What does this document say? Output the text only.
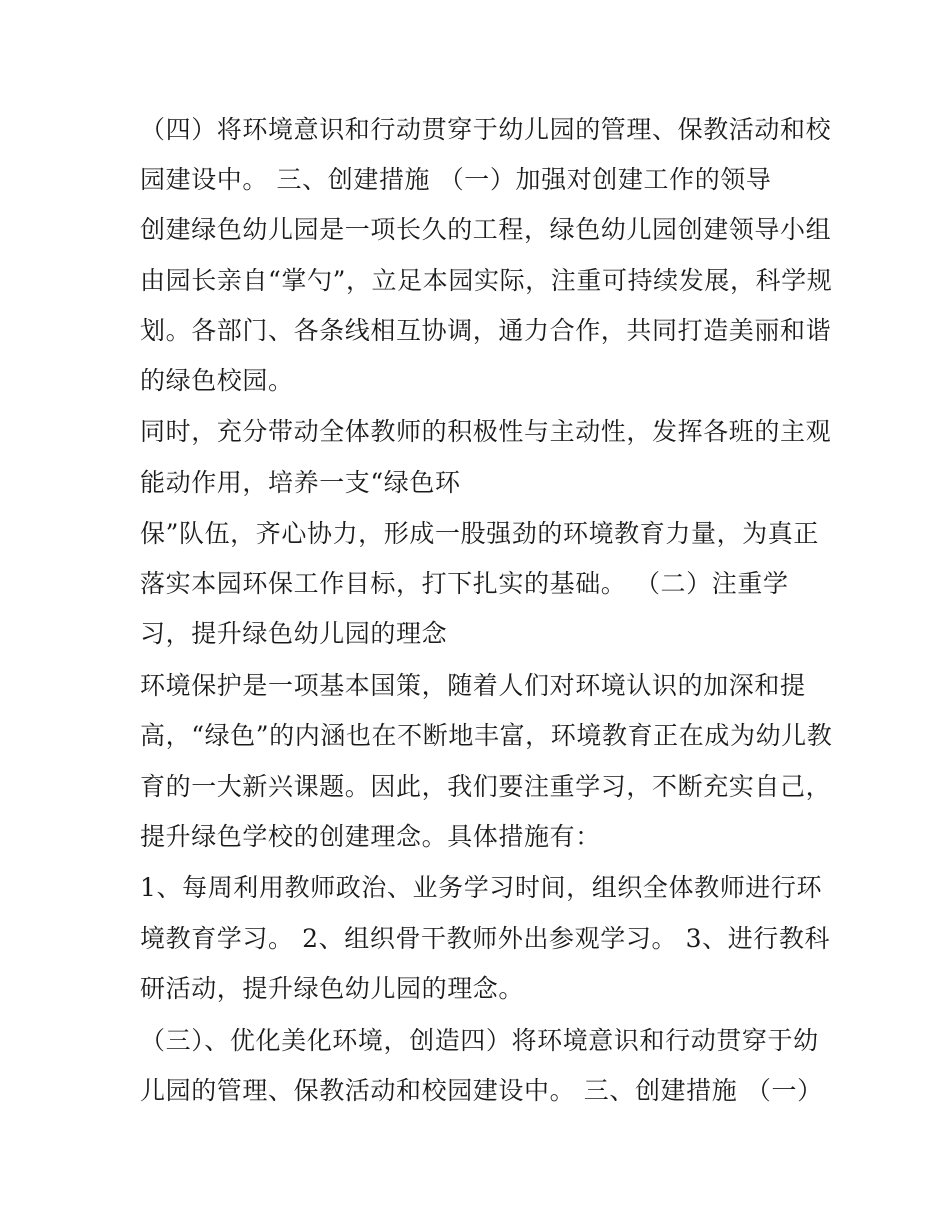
（四）将环境意识和行动贯穿于幼儿园的管理、保教活动和校
园建设中。 三、创建措施 （一）加强对创建工作的领导
创建绿色幼儿园是一项长久的工程，绿色幼儿园创建领导小组
由园长亲自“掌勺”，立足本园实际，注重可持续发展，科学规
划。各部门、各条线相互协调，通力合作，共同打造美丽和谐
的绿色校园。
同时，充分带动全体教师的积极性与主动性，发挥各班的主观
能动作用，培养一支“绿色环
保”队伍，齐心协力，形成一股强劲的环境教育力量，为真正
落实本园环保工作目标，打下扎实的基础。 （二）注重学
习，提升绿色幼儿园的理念
环境保护是一项基本国策，随着人们对环境认识的加深和提
高，“绿色”的内涵也在不断地丰富，环境教育正在成为幼儿教
育的一大新兴课题。因此，我们要注重学习，不断充实自己，
提升绿色学校的创建理念。具体措施有：
1、每周利用教师政治、业务学习时间，组织全体教师进行环
境教育学习。 2、组织骨干教师外出参观学习。 3、进行教科
研活动，提升绿色幼儿园的理念。
（三）、优化美化环境，创造四）将环境意识和行动贯穿于幼
儿园的管理、保教活动和校园建设中。 三、创建措施 （一）
